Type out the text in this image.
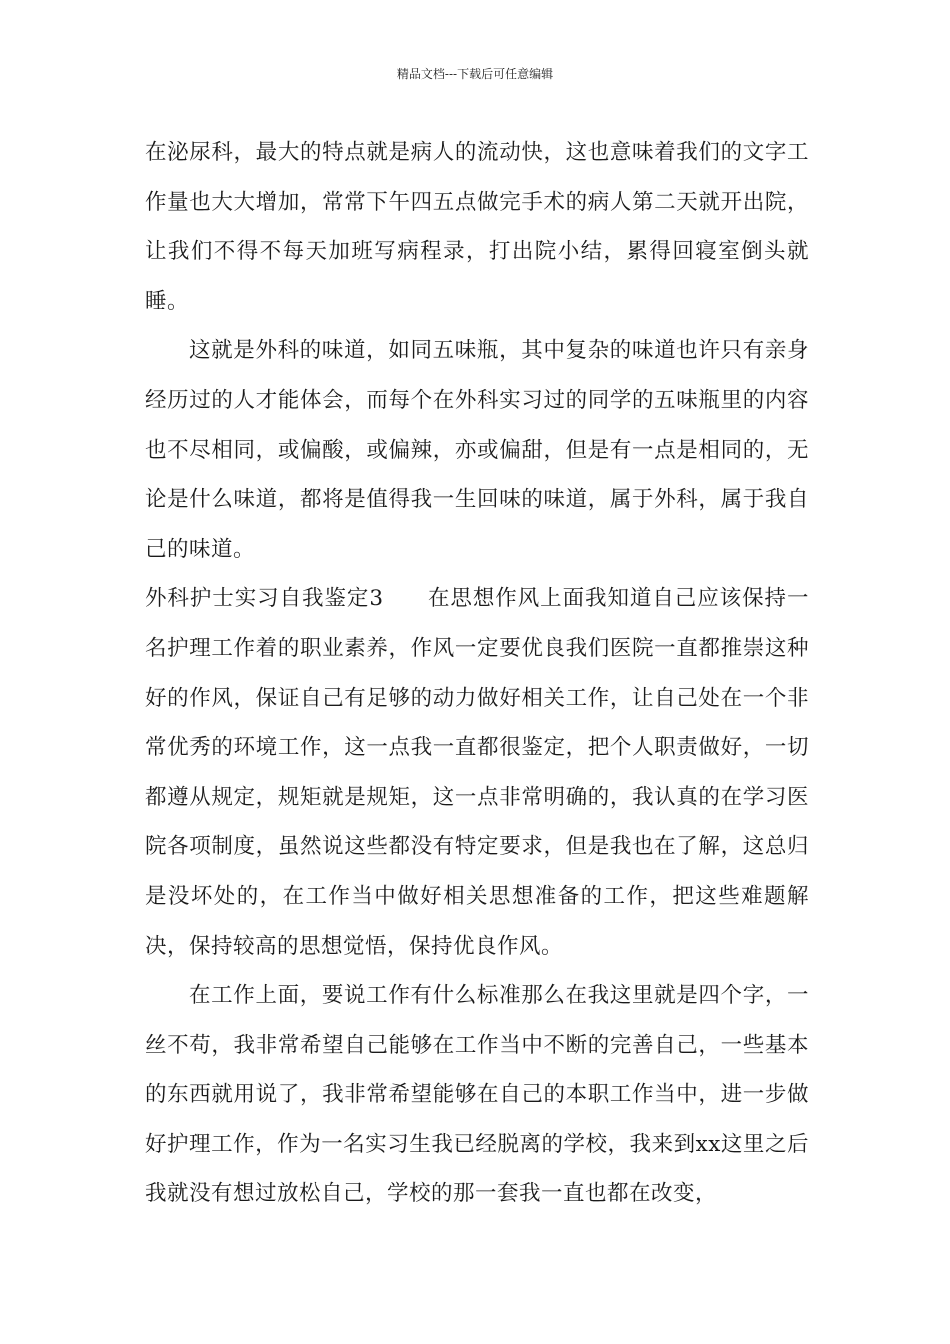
精品文档---下载后可任意编辑

在泌尿科，最大的特点就是病人的流动快，这也意味着我们的文字工作量也大大增加，常常下午四五点做完手术的病人第二天就开出院，让我们不得不每天加班写病程录，打出院小结，累得回寝室倒头就睡。

这就是外科的味道，如同五味瓶，其中复杂的味道也许只有亲身经历过的人才能体会，而每个在外科实习过的同学的五味瓶里的内容也不尽相同，或偏酸，或偏辣，亦或偏甜，但是有一点是相同的，无论是什么味道，都将是值得我一生回味的味道，属于外科，属于我自己的味道。

外科护士实习自我鉴定3 在思想作风上面我知道自己应该保持一名护理工作着的职业素养，作风一定要优良我们医院一直都推崇这种好的作风，保证自己有足够的动力做好相关工作，让自己处在一个非常优秀的环境工作，这一点我一直都很鉴定，把个人职责做好，一切都遵从规定，规矩就是规矩，这一点非常明确的，我认真的在学习医院各项制度，虽然说这些都没有特定要求，但是我也在了解，这总归是没坏处的，在工作当中做好相关思想准备的工作，把这些难题解决，保持较高的思想觉悟，保持优良作风。

在工作上面，要说工作有什么标准那么在我这里就是四个字，一丝不苟，我非常希望自己能够在工作当中不断的完善自己，一些基本的东西就用说了，我非常希望能够在自己的本职工作当中，进一步做好护理工作，作为一名实习生我已经脱离的学校，我来到xx这里之后我就没有想过放松自己，学校的那一套我一直也都在改变，
